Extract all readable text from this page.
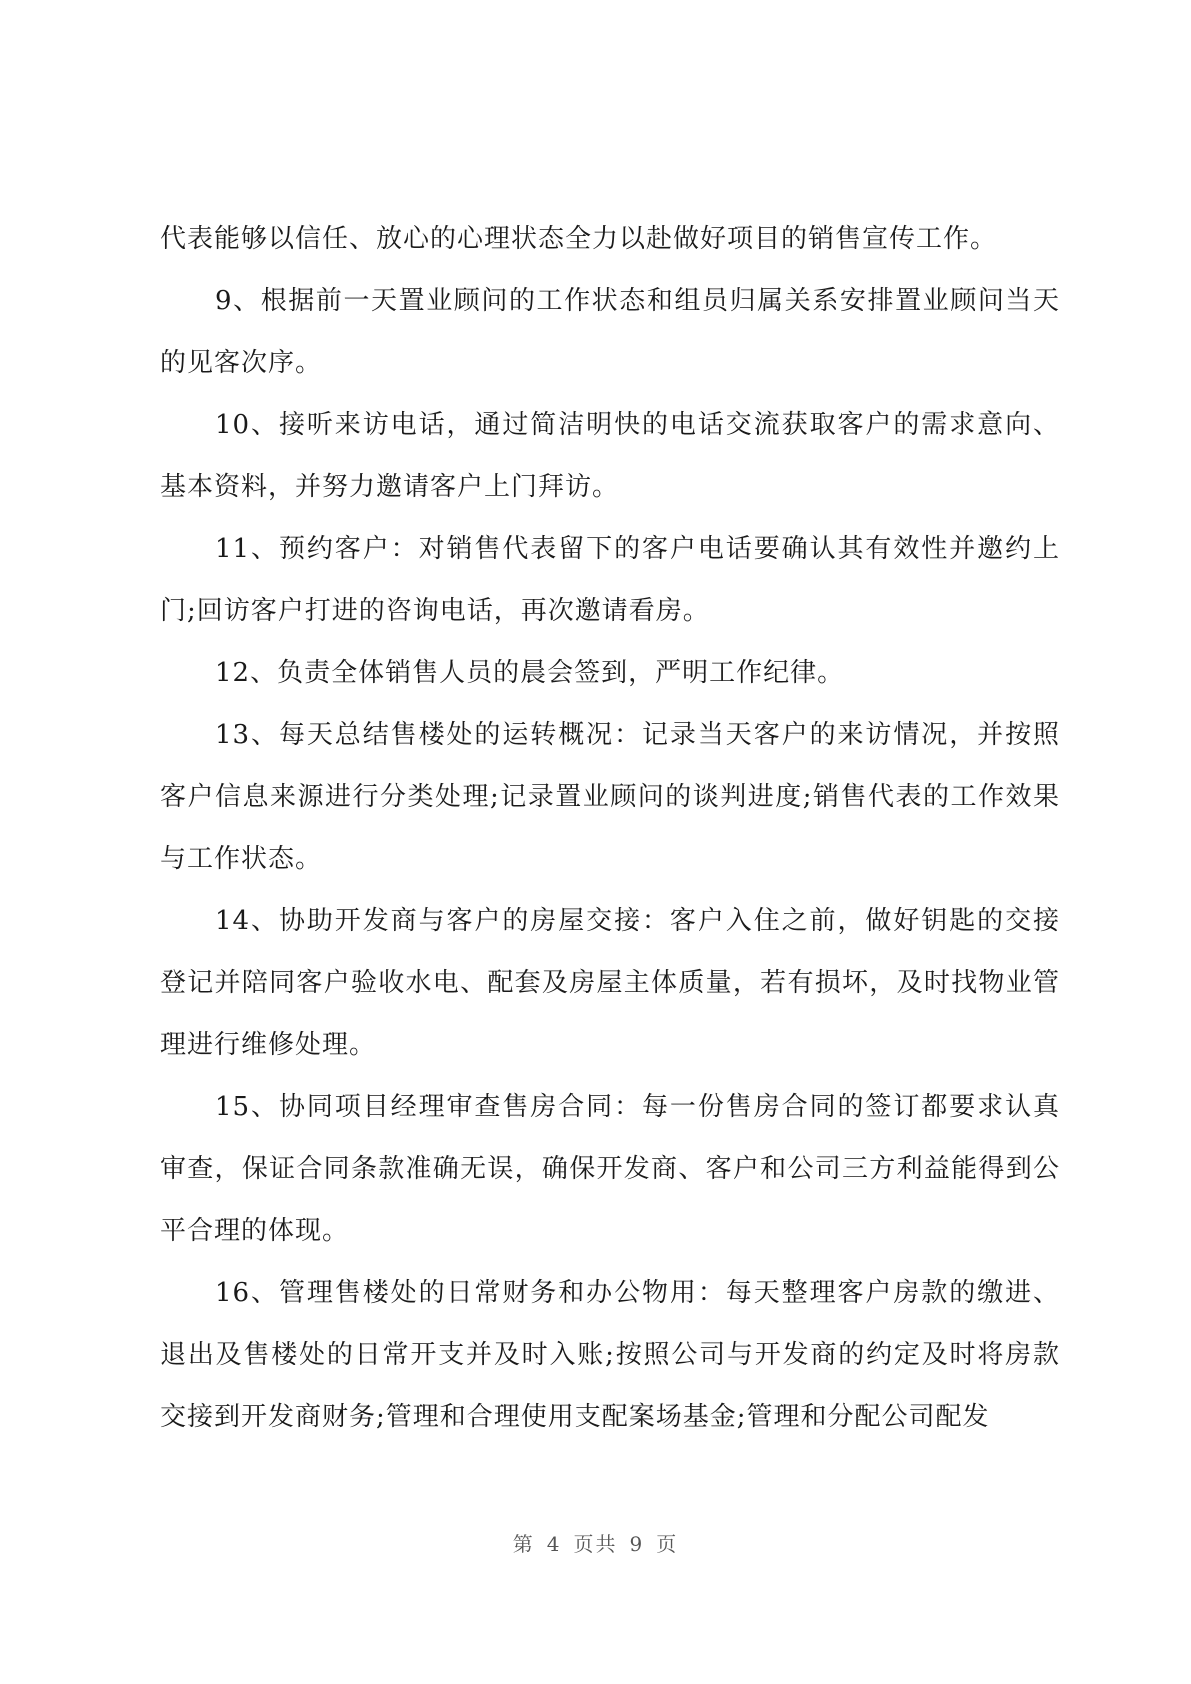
代表能够以信任、放心的心理状态全力以赴做好项目的销售宣传工作。

9、根据前一天置业顾问的工作状态和组员归属关系安排置业顾问当天的见客次序。

10、接听来访电话，通过简洁明快的电话交流获取客户的需求意向、基本资料，并努力邀请客户上门拜访。

11、预约客户：对销售代表留下的客户电话要确认其有效性并邀约上门;回访客户打进的咨询电话，再次邀请看房。

12、负责全体销售人员的晨会签到，严明工作纪律。

13、每天总结售楼处的运转概况：记录当天客户的来访情况，并按照客户信息来源进行分类处理;记录置业顾问的谈判进度;销售代表的工作效果与工作状态。

14、协助开发商与客户的房屋交接：客户入住之前，做好钥匙的交接登记并陪同客户验收水电、配套及房屋主体质量，若有损坏，及时找物业管理进行维修处理。

15、协同项目经理审查售房合同：每一份售房合同的签订都要求认真审查，保证合同条款准确无误，确保开发商、客户和公司三方利益能得到公平合理的体现。

16、管理售楼处的日常财务和办公物用：每天整理客户房款的缴进、退出及售楼处的日常开支并及时入账;按照公司与开发商的约定及时将房款交接到开发商财务;管理和合理使用支配案场基金;管理和分配公司配发

第 4 页共 9 页
